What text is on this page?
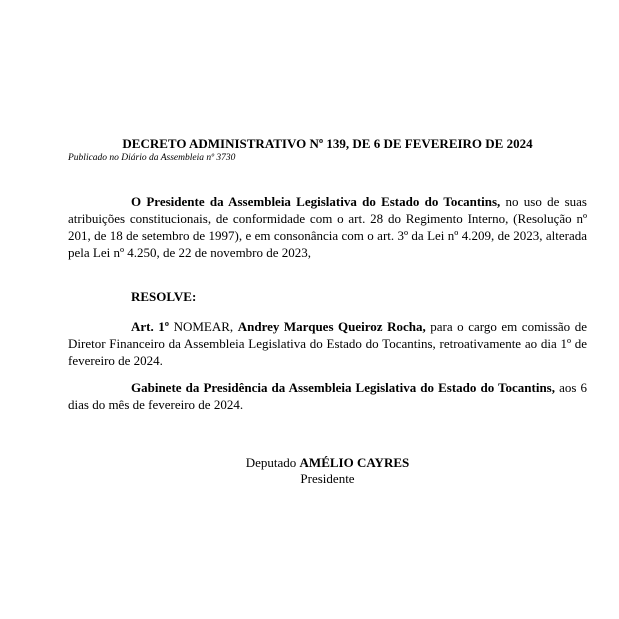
DECRETO ADMINISTRATIVO Nº 139, DE 6 DE FEVEREIRO DE 2024
Publicado no Diário da Assembleia nº 3730
O Presidente da Assembleia Legislativa do Estado do Tocantins, no uso de suas atribuições constitucionais, de conformidade com o art. 28 do Regimento Interno, (Resolução nº 201, de 18 de setembro de 1997), e em consonância com o art. 3º da Lei nº 4.209, de 2023, alterada pela Lei nº 4.250, de 22 de novembro de 2023,
RESOLVE:
Art. 1º NOMEAR, Andrey Marques Queiroz Rocha, para o cargo em comissão de Diretor Financeiro da Assembleia Legislativa do Estado do Tocantins, retroativamente ao dia 1º de fevereiro de 2024.
Gabinete da Presidência da Assembleia Legislativa do Estado do Tocantins, aos 6 dias do mês de fevereiro de 2024.
Deputado AMÉLIO CAYRES
Presidente
